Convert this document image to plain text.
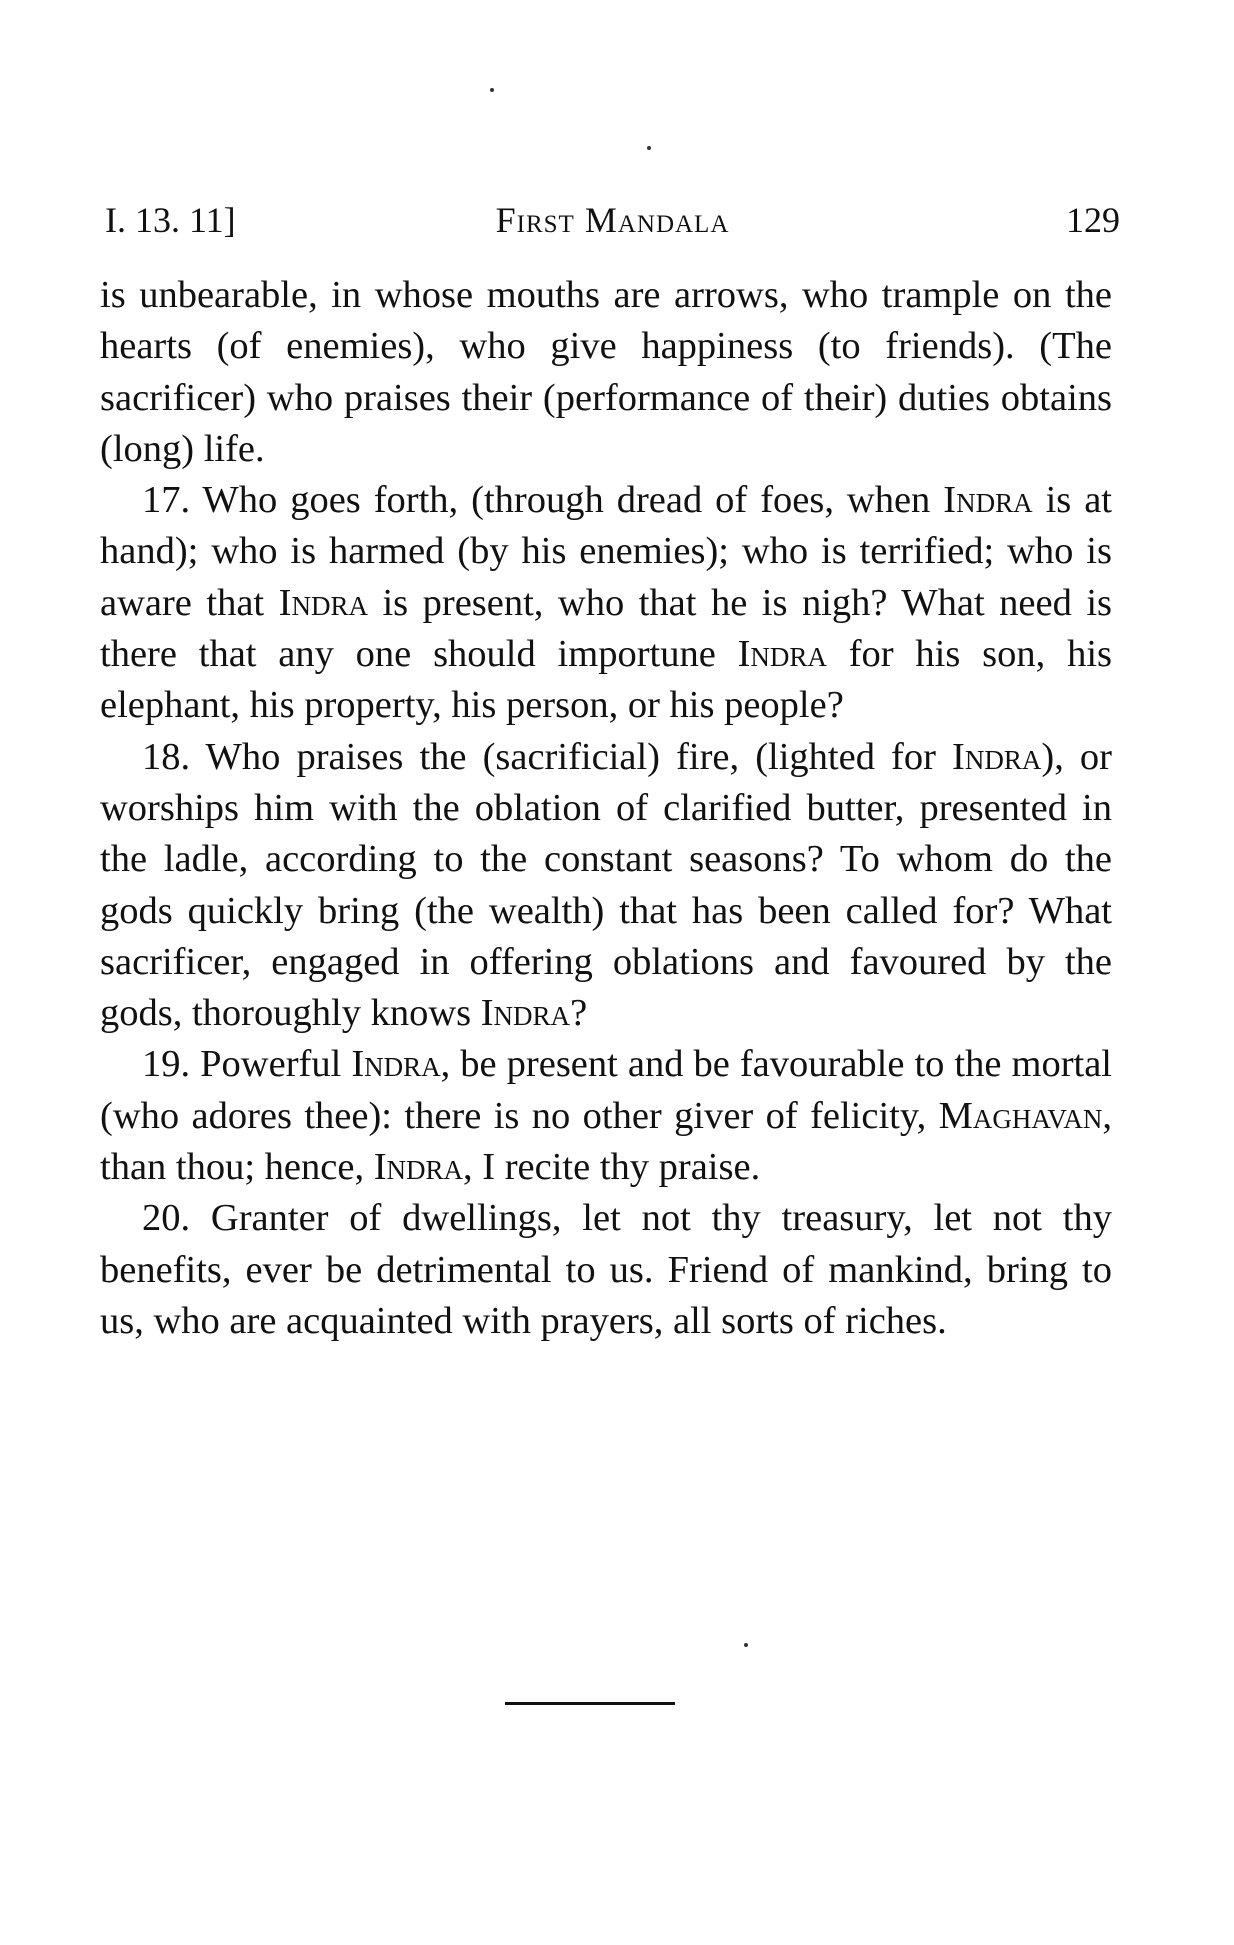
I. 13. 11]	First Mandala	129

is unbearable, in whose mouths are arrows, who trample on the hearts (of enemies), who give happiness (to friends). (The sacrificer) who praises their (performance of their) duties obtains (long) life.

17. Who goes forth, (through dread of foes, when Indra is at hand); who is harmed (by his enemies); who is terrified; who is aware that Indra is present, who that he is nigh? What need is there that any one should importune Indra for his son, his elephant, his property, his person, or his people?

18. Who praises the (sacrificial) fire, (lighted for Indra), or worships him with the oblation of clarified butter, presented in the ladle, according to the constant seasons? To whom do the gods quickly bring (the wealth) that has been called for? What sacrificer, engaged in offering oblations and favoured by the gods, thoroughly knows Indra?

19. Powerful Indra, be present and be favourable to the mortal (who adores thee): there is no other giver of felicity, Maghavan, than thou; hence, Indra, I recite thy praise.

20. Granter of dwellings, let not thy treasury, let not thy benefits, ever be detrimental to us. Friend of mankind, bring to us, who are acquainted with prayers, all sorts of riches.
